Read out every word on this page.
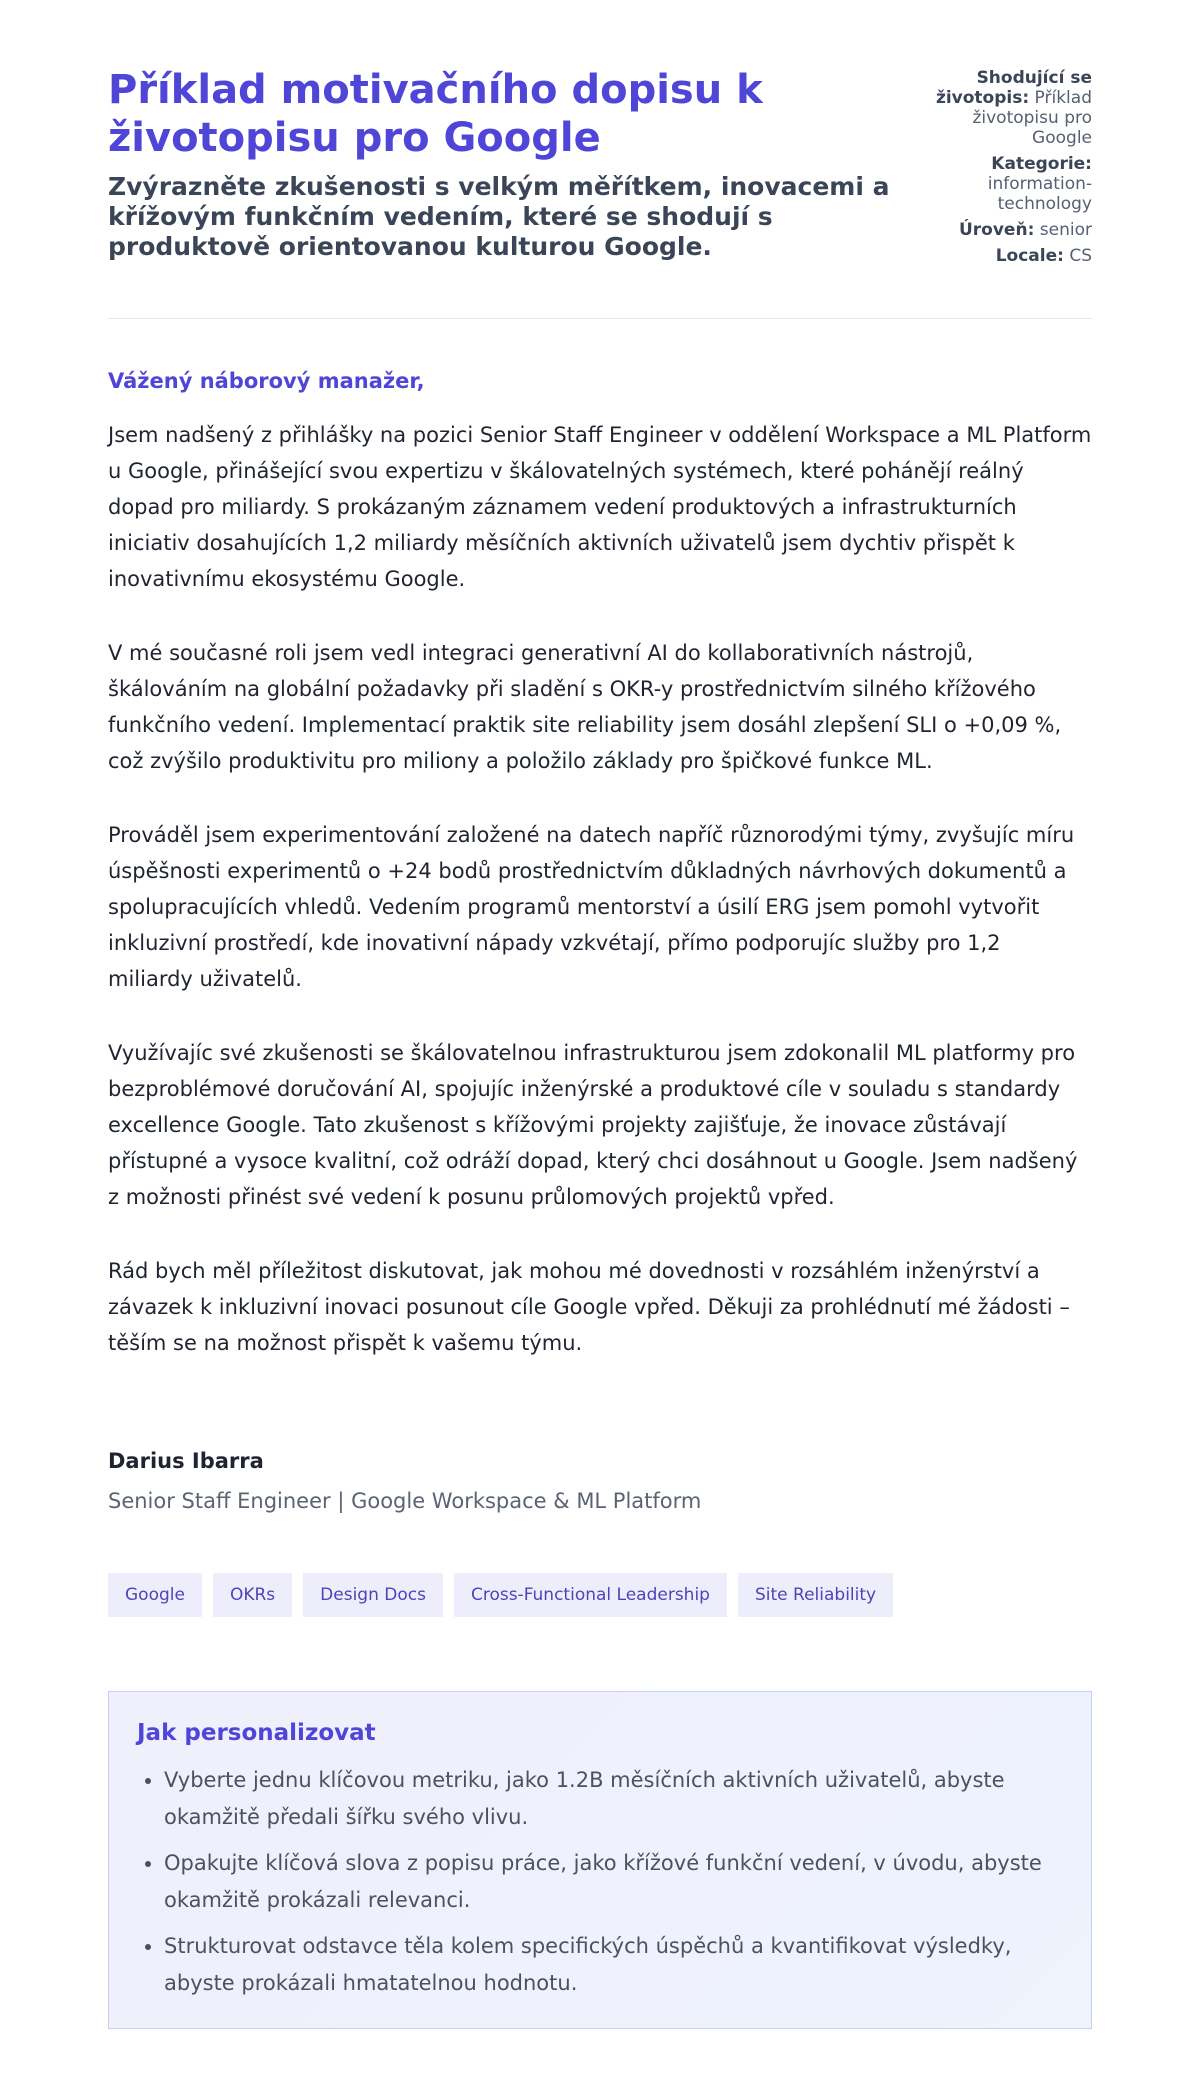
Příklad motivačního dopisu k životopisu pro Google

Zvýrazněte zkušenosti s velkým měřítkem, inovacemi a křížovým funkčním vedením, které se shodují s produktově orientovanou kulturou Google.

Shodující se životopis: Příklad životopisu pro Google
Kategorie: information-technology
Úroveň: senior
Locale: CS

Vážený náborový manažer,

Jsem nadšený z přihlášky na pozici Senior Staff Engineer v oddělení Workspace a ML Platform u Google, přinášející svou expertizu v škálovatelných systémech, které pohánějí reálný dopad pro miliardy. S prokázaným záznamem vedení produktových a infrastrukturních iniciativ dosahujících 1,2 miliardy měsíčních aktivních uživatelů jsem dychtiv přispět k inovativnímu ekosystému Google.

V mé současné roli jsem vedl integraci generativní AI do kollaborativních nástrojů, škálováním na globální požadavky při sladění s OKR-y prostřednictvím silného křížového funkčního vedení. Implementací praktik site reliability jsem dosáhl zlepšení SLI o +0,09 %, což zvýšilo produktivitu pro miliony a položilo základy pro špičkové funkce ML.

Prováděl jsem experimentování založené na datech napříč různorodými týmy, zvyšujíc míru úspěšnosti experimentů o +24 bodů prostřednictvím důkladných návrhových dokumentů a spolupracujících vhledů. Vedením programů mentorství a úsilí ERG jsem pomohl vytvořit inkluzivní prostředí, kde inovativní nápady vzkvétají, přímo podporujíc služby pro 1,2 miliardy uživatelů.

Využívajíc své zkušenosti se škálovatelnou infrastrukturou jsem zdokonalil ML platformy pro bezproblémové doručování AI, spojujíc inženýrské a produktové cíle v souladu s standardy excellence Google. Tato zkušenost s křížovými projekty zajišťuje, že inovace zůstávají přístupné a vysoce kvalitní, což odráží dopad, který chci dosáhnout u Google. Jsem nadšený z možnosti přinést své vedení k posunu průlomových projektů vpřed.

Rád bych měl příležitost diskutovat, jak mohou mé dovednosti v rozsáhlém inženýrství a závazek k inkluzivní inovaci posunout cíle Google vpřed. Děkuji za prohlédnutí mé žádosti – těším se na možnost přispět k vašemu týmu.

Darius Ibarra

Senior Staff Engineer | Google Workspace & ML Platform

Google	OKRs	Design Docs	Cross-Functional Leadership	Site Reliability
Jak personalizovat
• Vyberte jednu klíčovou metriku, jako 1.2B měsíčních aktivních uživatelů, abyste okamžitě předali šířku svého vlivu.
• Opakujte klíčová slova z popisu práce, jako křížové funkční vedení, v úvodu, abyste okamžitě prokázali relevanci.
• Strukturovat odstavce těla kolem specifických úspěchů a kvantifikovat výsledky, abyste prokázali hmatatelnou hodnotu.
